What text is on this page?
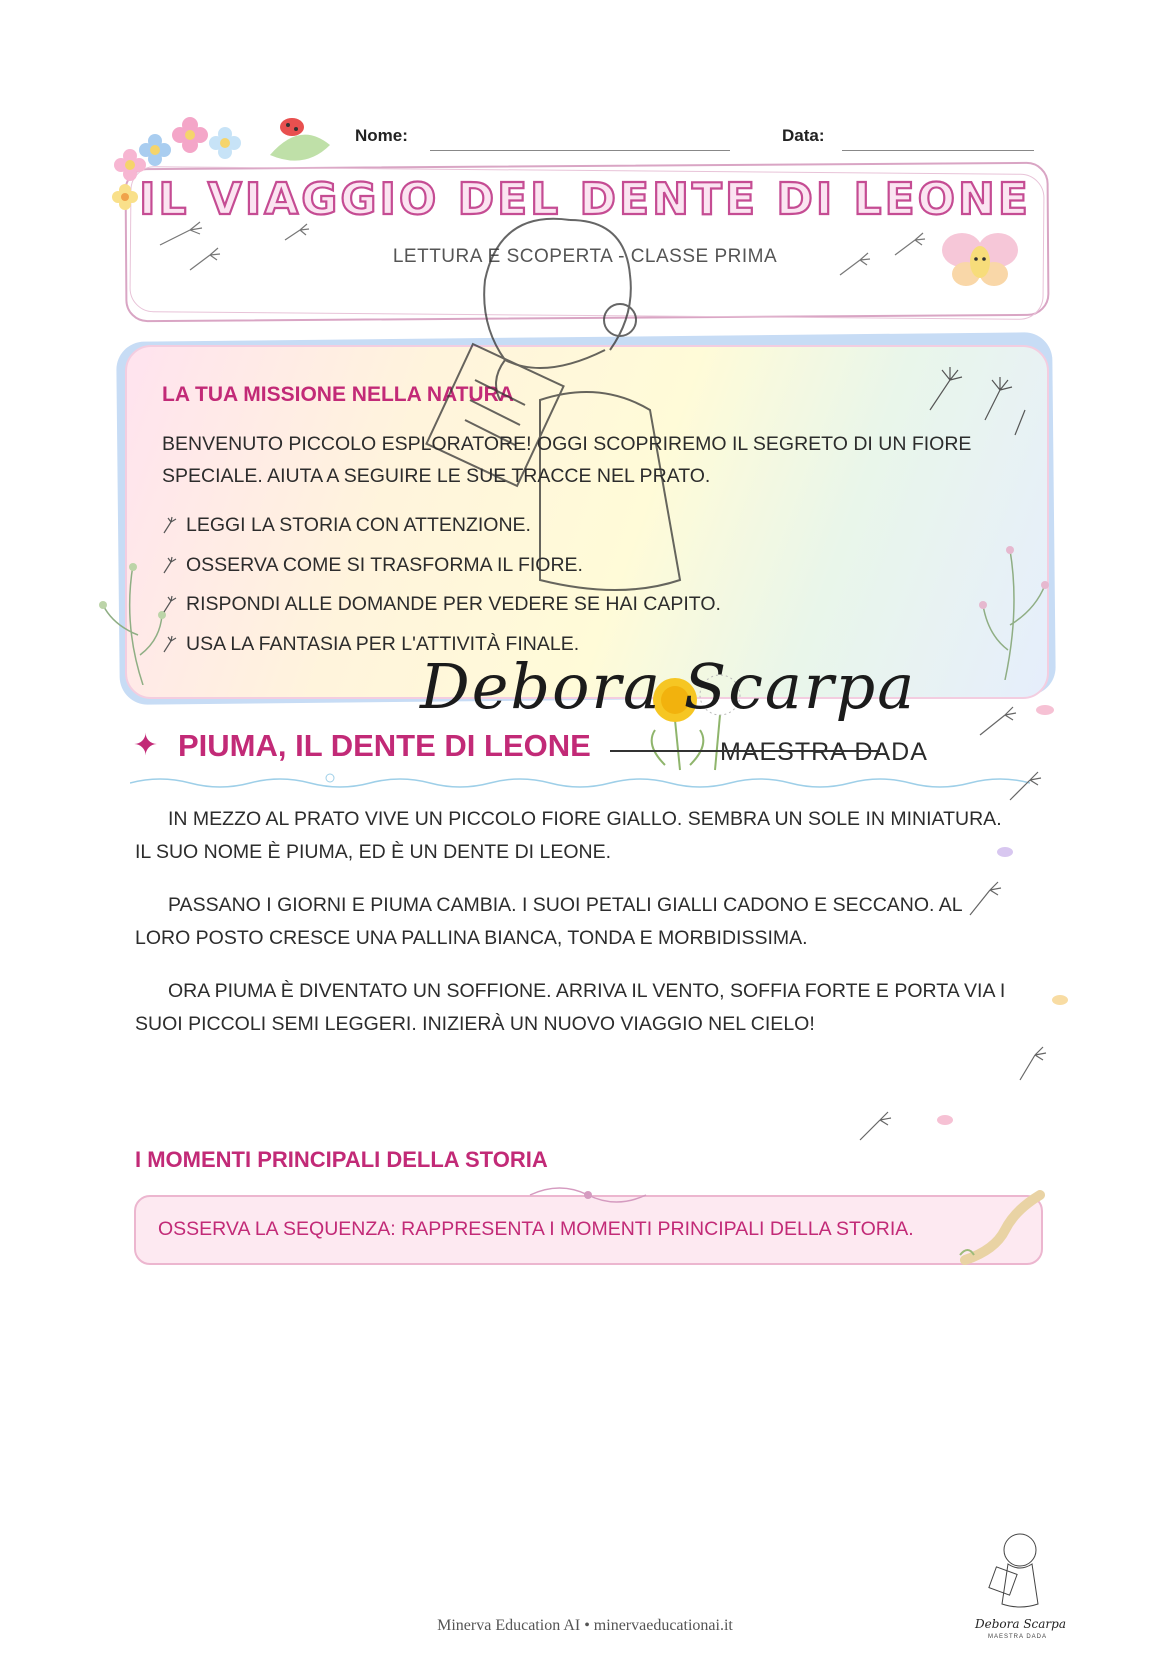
Nome:	Data:
IL VIAGGIO DEL DENTE DI LEONE
LETTURA E SCOPERTA - CLASSE PRIMA
LA TUA MISSIONE NELLA NATURA
BENVENUTO PICCOLO ESPLORATORE! OGGI SCOPRIREMO IL SEGRETO DI UN FIORE SPECIALE. AIUTA A SEGUIRE LE SUE TRACCE NEL PRATO.
LEGGI LA STORIA CON ATTENZIONE.
OSSERVA COME SI TRASFORMA IL FIORE.
RISPONDI ALLE DOMANDE PER VEDERE SE HAI CAPITO.
USA LA FANTASIA PER L'ATTIVITÀ FINALE.
Debora Scarpa
✦ PIUMA, IL DENTE DI LEONE	MAESTRA DADA

IN MEZZO AL PRATO VIVE UN PICCOLO FIORE GIALLO. SEMBRA UN SOLE IN MINIATURA. IL SUO NOME È PIUMA, ED È UN DENTE DI LEONE.

PASSANO I GIORNI E PIUMA CAMBIA. I SUOI PETALI GIALLI CADONO E SECCANO. AL LORO POSTO CRESCE UNA PALLINA BIANCA, TONDA E MORBIDISSIMA.

ORA PIUMA È DIVENTATO UN SOFFIONE. ARRIVA IL VENTO, SOFFIA FORTE E PORTA VIA I SUOI PICCOLI SEMI LEGGERI. INIZIERÀ UN NUOVO VIAGGIO NEL CIELO!

I MOMENTI PRINCIPALI DELLA STORIA
OSSERVA LA SEQUENZA: RAPPRESENTA I MOMENTI PRINCIPALI DELLA STORIA.
Debora Scarpa
MAESTRA DADA
Minerva Education AI • minervaeducationai.it
